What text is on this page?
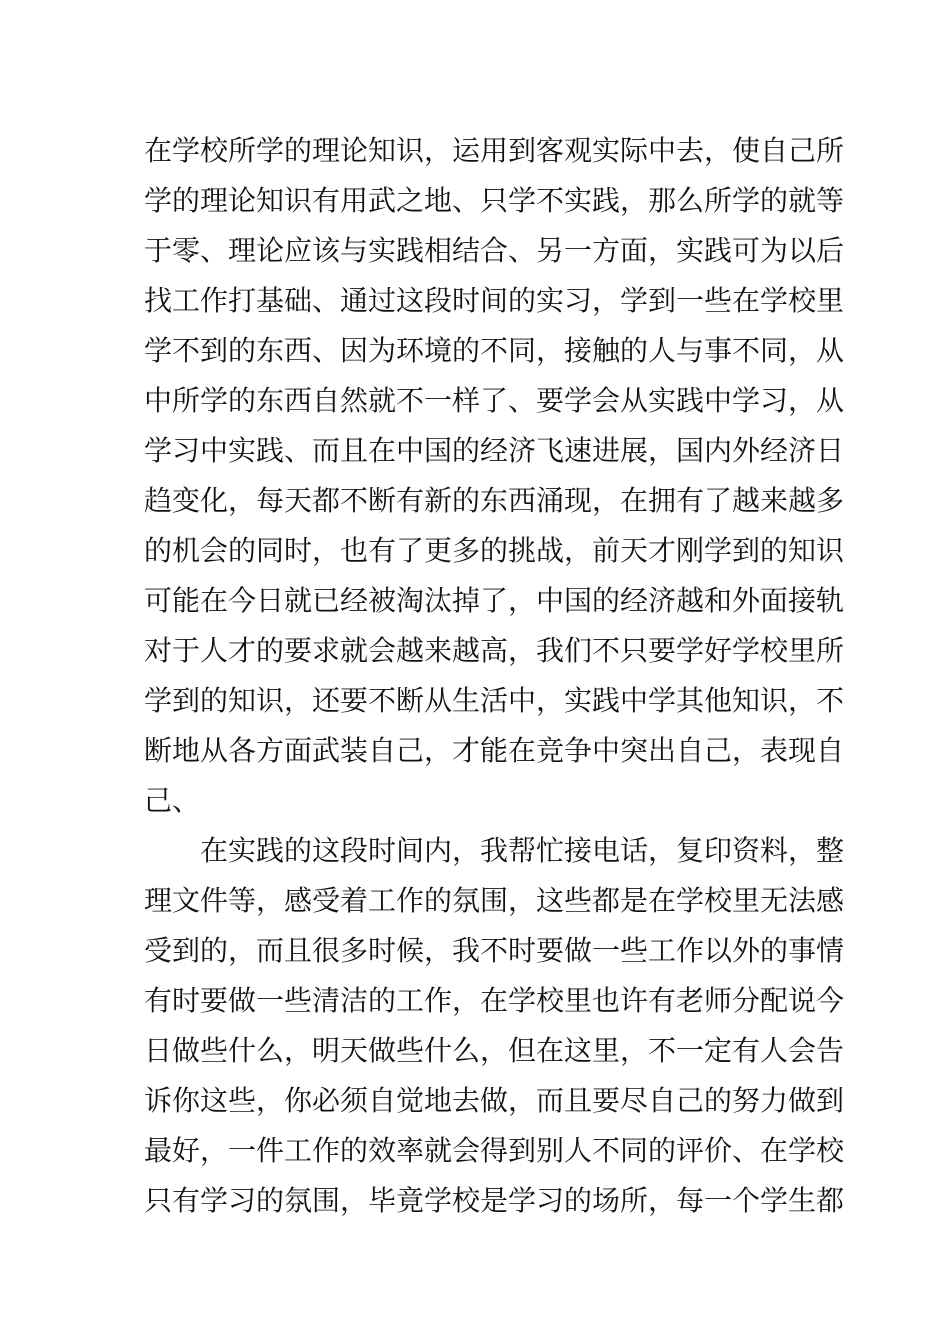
在学校所学的理论知识，运用到客观实际中去，使自己所
学的理论知识有用武之地、只学不实践，那么所学的就等
于零、理论应该与实践相结合、另一方面，实践可为以后
找工作打基础、通过这段时间的实习，学到一些在学校里
学不到的东西、因为环境的不同，接触的人与事不同，从
中所学的东西自然就不一样了、要学会从实践中学习，从
学习中实践、而且在中国的经济飞速进展，国内外经济日
趋变化，每天都不断有新的东西涌现，在拥有了越来越多
的机会的同时，也有了更多的挑战，前天才刚学到的知识
可能在今日就已经被淘汰掉了，中国的经济越和外面接轨
对于人才的要求就会越来越高，我们不只要学好学校里所
学到的知识，还要不断从生活中，实践中学其他知识，不
断地从各方面武装自己，才能在竞争中突出自己，表现自
己、
在实践的这段时间内，我帮忙接电话，复印资料，整
理文件等，感受着工作的氛围，这些都是在学校里无法感
受到的，而且很多时候，我不时要做一些工作以外的事情
有时要做一些清洁的工作，在学校里也许有老师分配说今
日做些什么，明天做些什么，但在这里，不一定有人会告
诉你这些，你必须自觉地去做，而且要尽自己的努力做到
最好，一件工作的效率就会得到别人不同的评价、在学校
只有学习的氛围，毕竟学校是学习的场所，每一个学生都
